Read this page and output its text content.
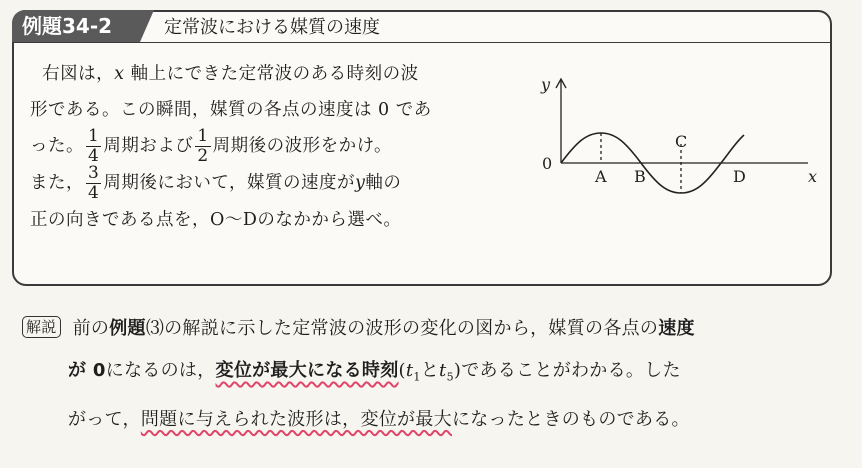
例題34-2	定常波における媒質の速度
右図は，x 軸上にできた定常波のある時刻の波
形である。この瞬間，媒質の各点の速度は 0 であ
った。 $\frac{1}{4}$ 周期および $\frac{1}{2}$ 周期後の波形をかけ。
また， $\frac{3}{4}$ 周期後において，媒質の速度がy軸の
正の向きである点を，O〜Dのなかから選べ。
y
x
0
A B
C
D
解説 前の例題⑶の解説に示した定常波の波形の変化の図から，媒質の各点の速度
が 0になるのは，変位が最大になる時刻($t_1$と$t_5$)であることがわかる。した
がって，問題に与えられた波形は，変位が最大になったときのものである。
